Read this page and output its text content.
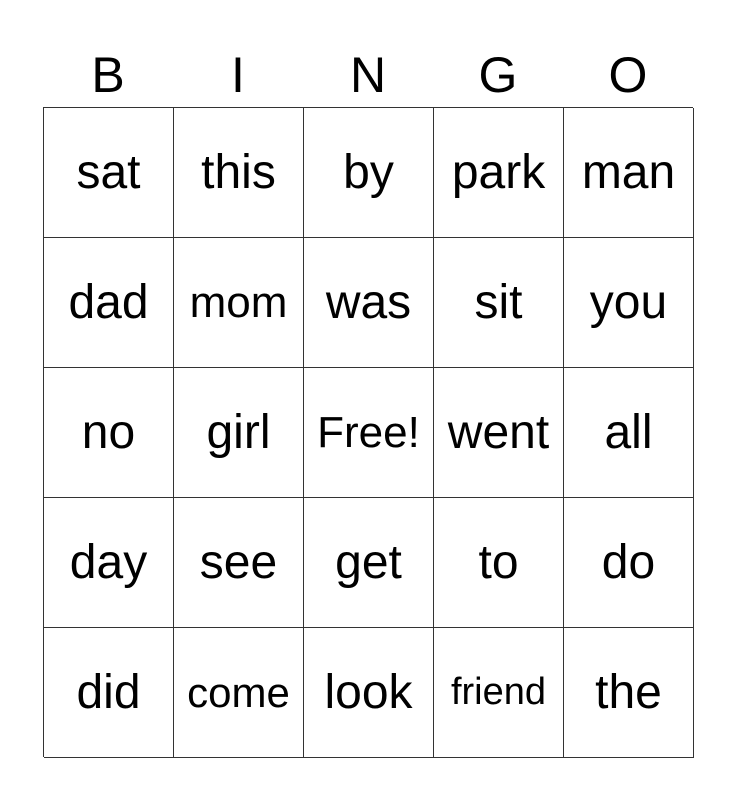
B	I	N	G	O
sat	this	by	park man
dad mom was	sit	you
no	girl	Free! went	all
day	see	get	to	do
did	come look	friend	the
